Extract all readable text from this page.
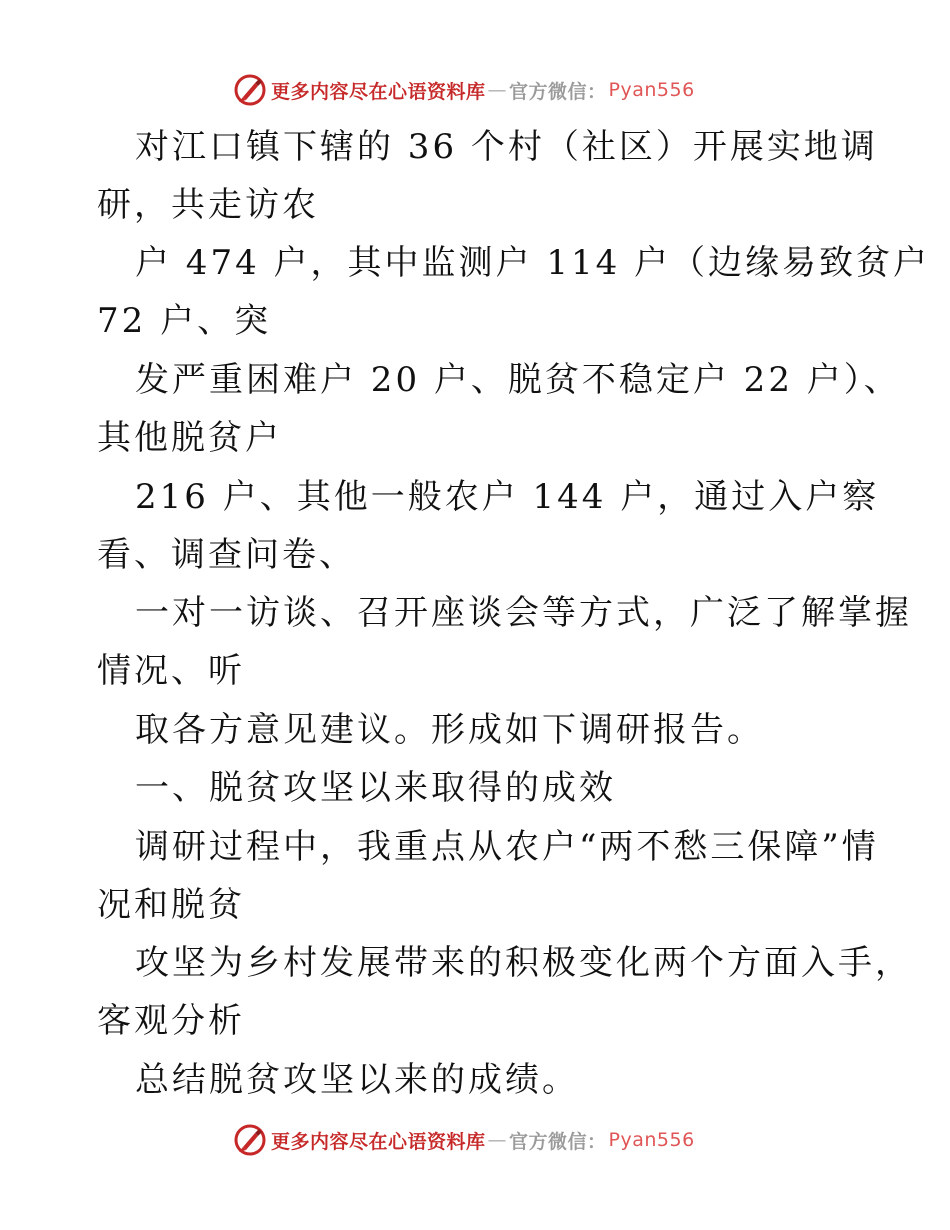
更多内容尽在心语资料库 — 官方微信： Pyan556
对江口镇下辖的 36 个村（社区）开展实地调
研，共走访农
户 474 户，其中监测户 114 户（边缘易致贫户
72 户、突
发严重困难户 20 户、脱贫不稳定户 22 户）、
其他脱贫户
216 户、其他一般农户 144 户，通过入户察
看、调查问卷、
一对一访谈、召开座谈会等方式，广泛了解掌握
情况、听
取各方意见建议。形成如下调研报告。
一、脱贫攻坚以来取得的成效
调研过程中，我重点从农户“两不愁三保障”情
况和脱贫
攻坚为乡村发展带来的积极变化两个方面入手，
客观分析
总结脱贫攻坚以来的成绩。
更多内容尽在心语资料库 — 官方微信： Pyan556
